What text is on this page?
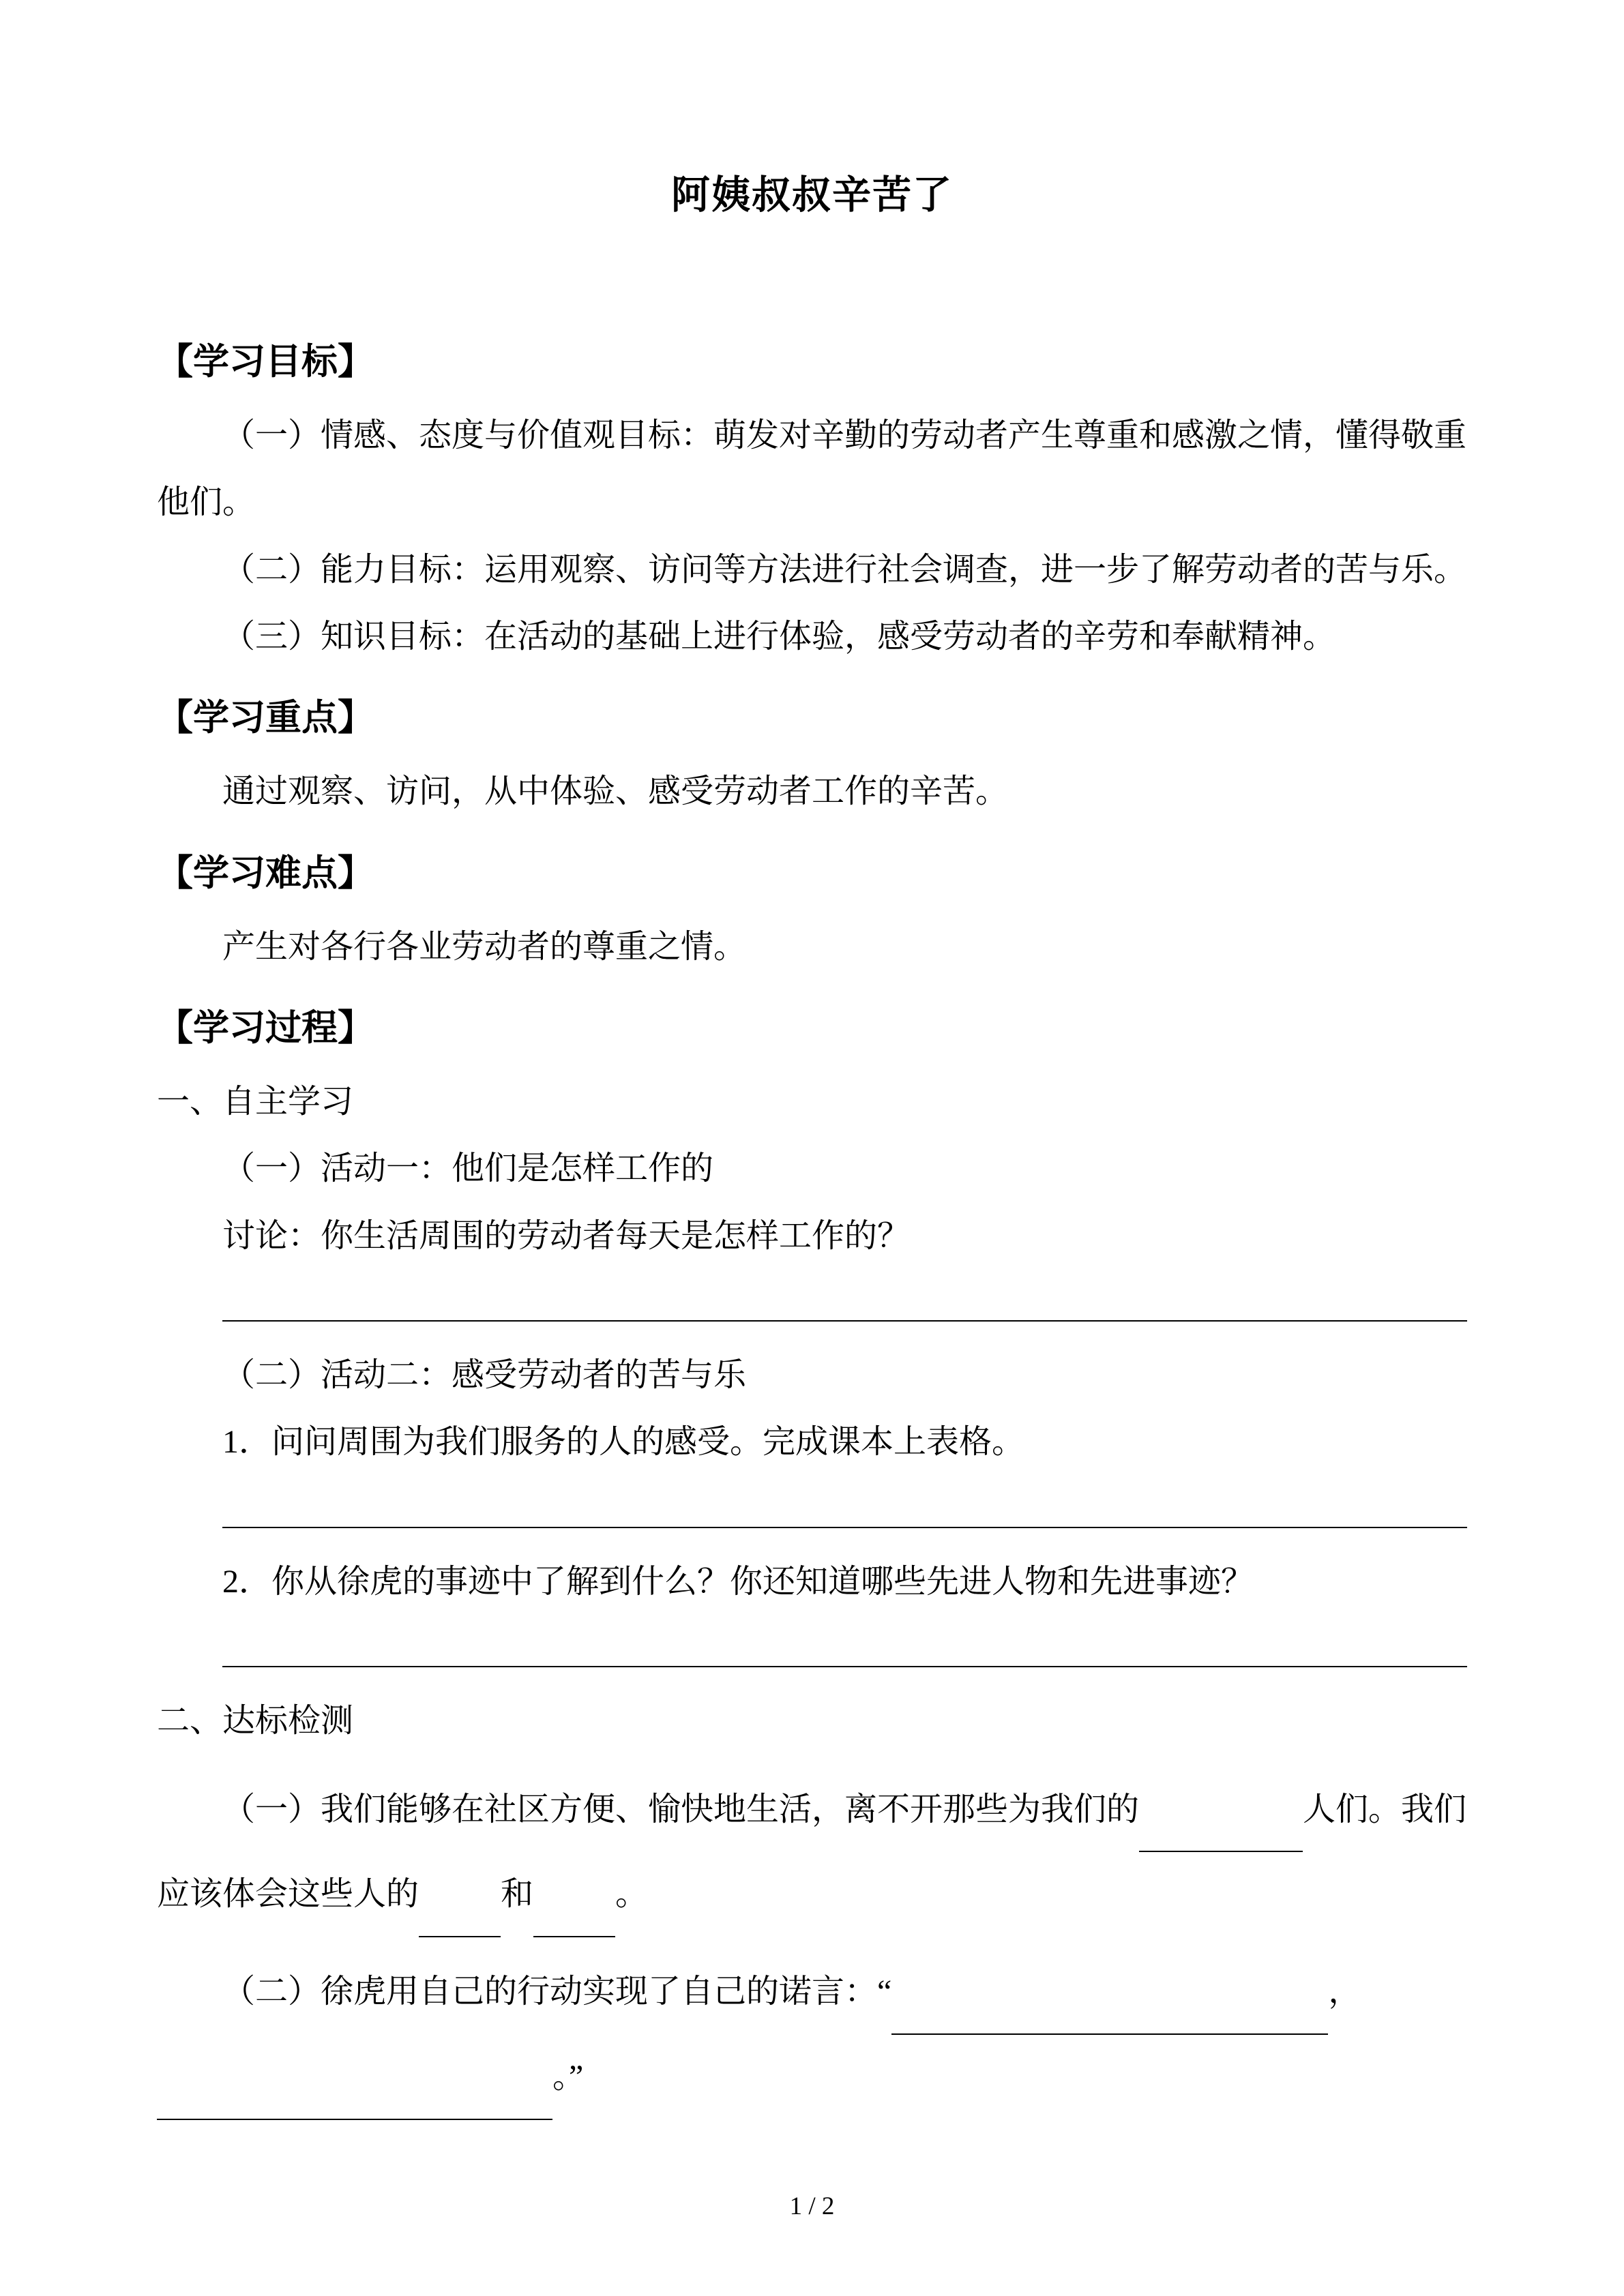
阿姨叔叔辛苦了
【学习目标】

（一）情感、态度与价值观目标：萌发对辛勤的劳动者产生尊重和感激之情，懂得敬重他们。

（二）能力目标：运用观察、访问等方法进行社会调查，进一步了解劳动者的苦与乐。

（三）知识目标：在活动的基础上进行体验，感受劳动者的辛劳和奉献精神。

【学习重点】

通过观察、访问，从中体验、感受劳动者工作的辛苦。

【学习难点】

产生对各行各业劳动者的尊重之情。

【学习过程】

一、自主学习

（一）活动一：他们是怎样工作的

讨论：你生活周围的劳动者每天是怎样工作的？

（二）活动二：感受劳动者的苦与乐

1．问问周围为我们服务的人的感受。完成课本上表格。

2．你从徐虎的事迹中了解到什么？你还知道哪些先进人物和先进事迹？

二、达标检测

（一）我们能够在社区方便、愉快地生活，离不开那些为我们的	人们。我们应该体会这些人的	和	。

（二）徐虎用自己的行动实现了自己的诺言：“	，。”

1 / 2
